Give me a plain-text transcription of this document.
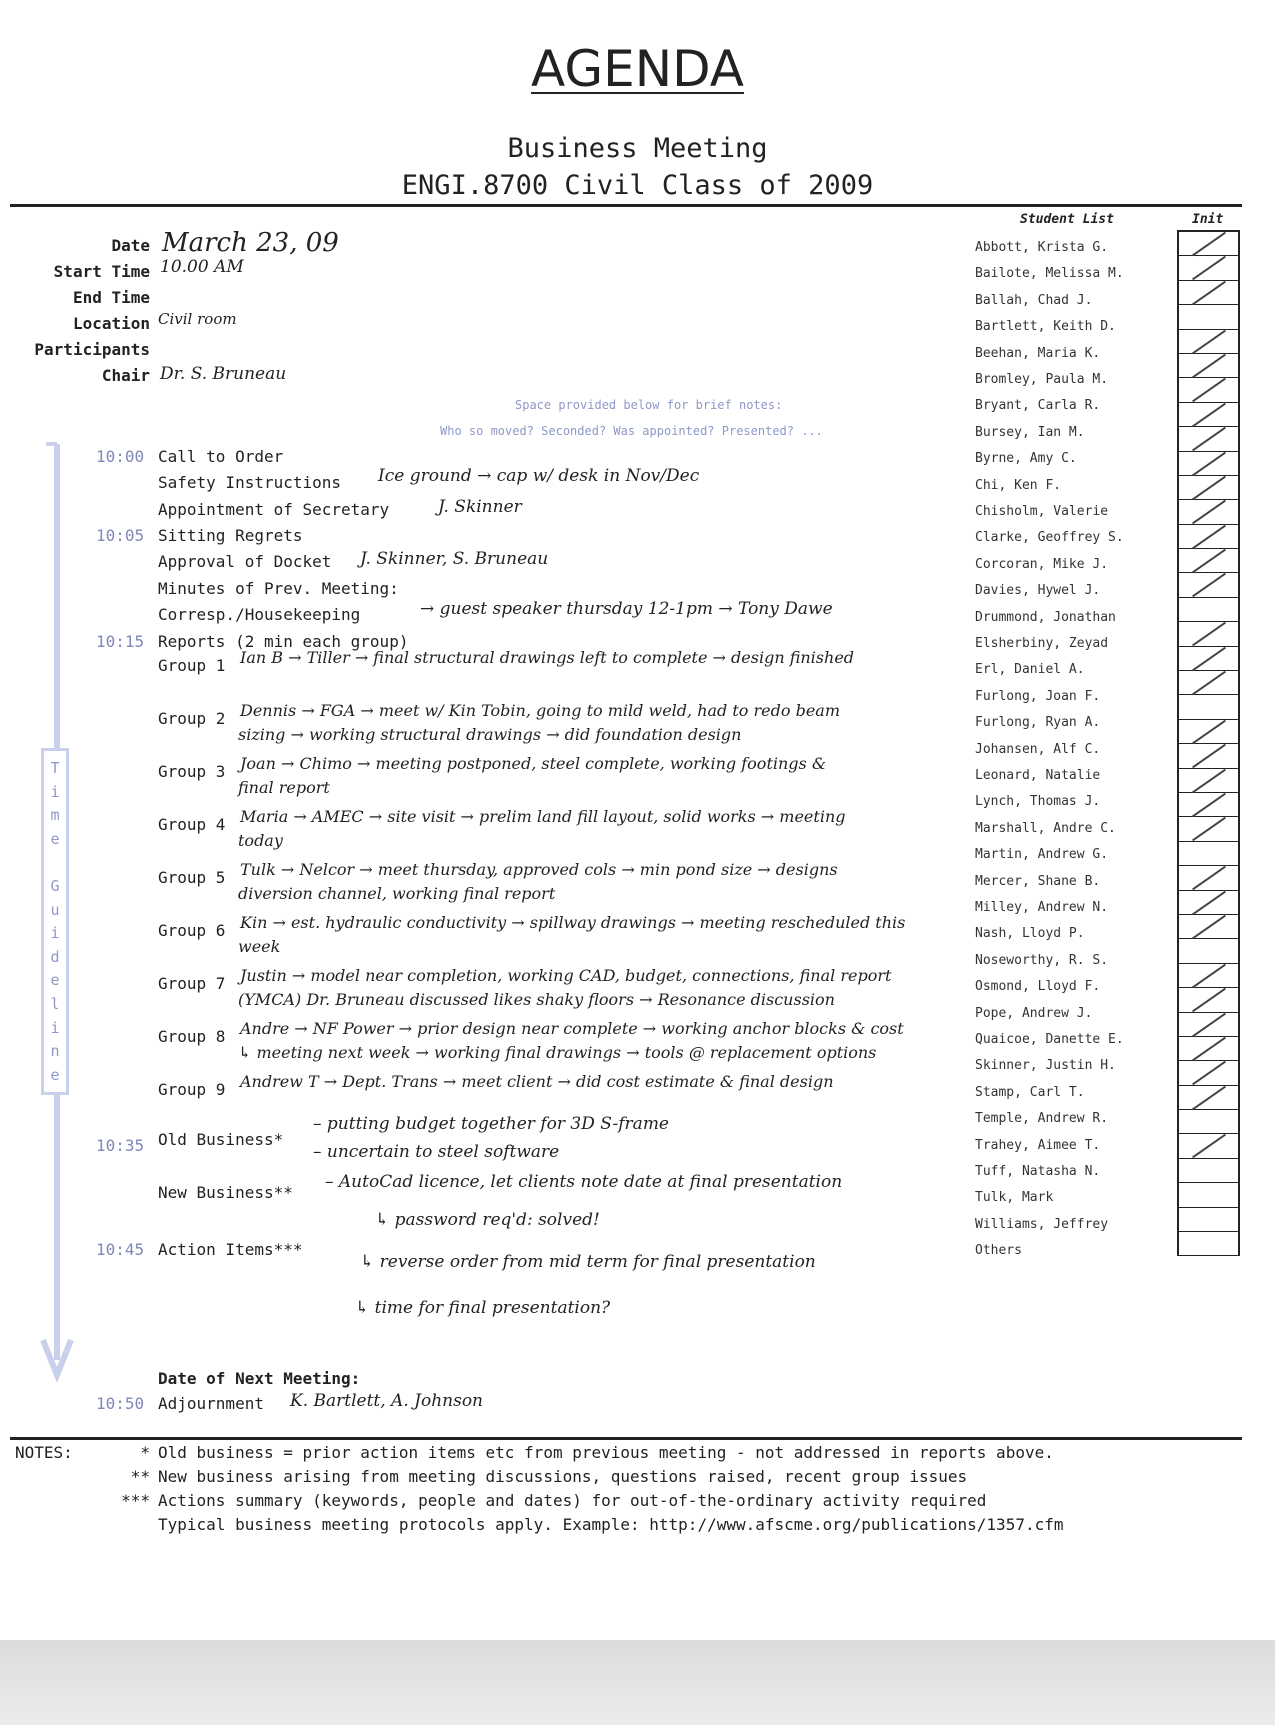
AGENDA
Business Meeting
ENGI.8700 Civil Class of 2009
Date March 23, 09
Start Time 10.00 AM
End Time
Location Civil room
Participants
Chair Dr. S. Bruneau
Space provided below for brief notes:
Who so moved? Seconded? Was appointed? Presented? ...
T
i
m
e
G
u
i
d
e
l
i
n
e
10:00 Call to Order
Safety Instructions Ice ground → cap w/ desk in Nov/Dec
Appointment of Secretary	J. Skinner
10:05 Sitting Regrets
Approval of Docket J. Skinner, S. Bruneau
Minutes of Prev. Meeting:
Corresp./Housekeeping	→ guest speaker thursday 12-1pm → Tony Dawe
10:15 Reports (2 min each group)
Group 1 Ian B → Tiller → final structural drawings left to complete → design finished
Group 2 Dennis → FGA → meet w/ Kin Tobin, going to mild weld, had to redo beam
sizing → working structural drawings → did foundation design
Group 3 Joan → Chimo → meeting postponed, steel complete, working footings &
final report
Group 4 Maria → AMEC → site visit → prelim land fill layout, solid works → meeting
today
Group 5 Tulk → Nelcor → meet thursday, approved cols → min pond size → designs
diversion channel, working final report
Group 6 Kin → est. hydraulic conductivity → spillway drawings → meeting rescheduled this
week
Group 7 Justin → model near completion, working CAD, budget, connections, final report
(YMCA) Dr. Bruneau discussed likes shaky floors → Resonance discussion
Group 8 Andre → NF Power → prior design near complete → working anchor blocks & cost
↳ meeting next week → working final drawings → tools @ replacement options
Group 9 Andrew T → Dept. Trans → meet client → did cost estimate & final design
10:35 Old Business*
– putting budget together for 3D S-frame
– uncertain to steel software
New Business**
– AutoCad licence, let clients note date at final presentation
↳ password req'd: solved!
10:45 Action Items***
↳ reverse order from mid term for final presentation
↳ time for final presentation?
Date of Next Meeting:
10:50 Adjournment K. Bartlett, A. Johnson
Student List	Init
Abbott, Krista G.
Bailote, Melissa M.
Ballah, Chad J.
Bartlett, Keith D.
Beehan, Maria K.
Bromley, Paula M.
Bryant, Carla R.
Bursey, Ian M.
Byrne, Amy C.
Chi, Ken F.
Chisholm, Valerie
Clarke, Geoffrey S.
Corcoran, Mike J.
Davies, Hywel J.
Drummond, Jonathan
Elsherbiny, Zeyad
Erl, Daniel A.
Furlong, Joan F.
Furlong, Ryan A.
Johansen, Alf C.
Leonard, Natalie
Lynch, Thomas J.
Marshall, Andre C.
Martin, Andrew G.
Mercer, Shane B.
Milley, Andrew N.
Nash, Lloyd P.
Noseworthy, R. S.
Osmond, Lloyd F.
Pope, Andrew J.
Quaicoe, Danette E.
Skinner, Justin H.
Stamp, Carl T.
Temple, Andrew R.
Trahey, Aimee T.
Tuff, Natasha N.
Tulk, Mark
Williams, Jeffrey
Others
NOTES:	* Old business = prior action items etc from previous meeting - not addressed in reports above.
** New business arising from meeting discussions, questions raised, recent group issues
*** Actions summary (keywords, people and dates) for out-of-the-ordinary activity required
Typical business meeting protocols apply. Example: http://www.afscme.org/publications/1357.cfm
